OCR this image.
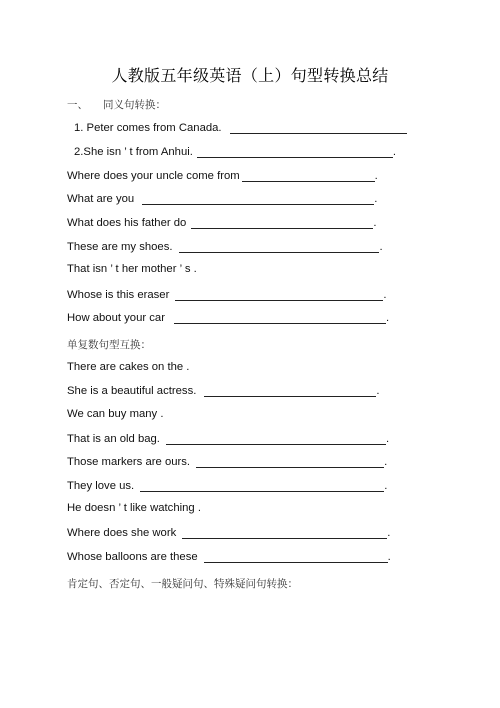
人教版五年级英语（上）句型转换总结
一、 同义句转换：
1. Peter comes from Canada.
2.She isn ’ t from Anhui.	.
Where does your uncle come from	.
What are you	.
What does his father do	.
These are my shoes.	.
That isn ’ t her mother ’ s .
Whose is this eraser	.
How about your car	.
单复数句型互换：
There are cakes on the .
She is a beautiful actress.	.
We can buy many .
That is an old bag.	.
Those markers are ours.	.
They love us.	.
He doesn ’ t like watching .
Where does she work	.
Whose balloons are these	.
肯定句、否定句、一般疑问句、特殊疑问句转换：
